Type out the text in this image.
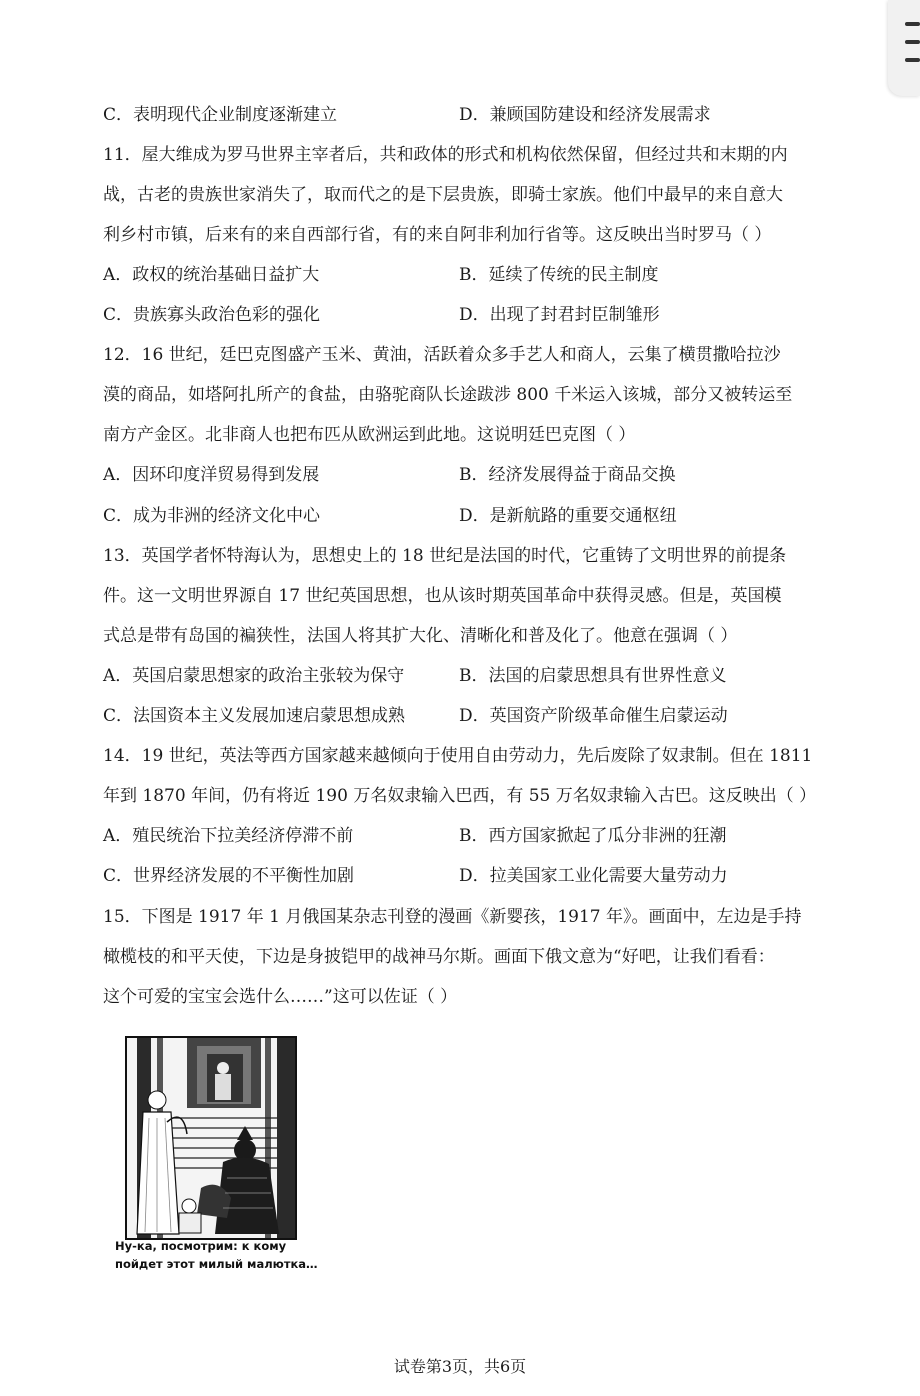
C．表明现代企业制度逐渐建立	D．兼顾国防建设和经济发展需求
11．屋大维成为罗马世界主宰者后，共和政体的形式和机构依然保留，但经过共和末期的内
战，古老的贵族世家消失了，取而代之的是下层贵族，即骑士家族。他们中最早的来自意大
利乡村市镇，后来有的来自西部行省，有的来自阿非利加行省等。这反映出当时罗马（ ）
A．政权的统治基础日益扩大	B．延续了传统的民主制度
C．贵族寡头政治色彩的强化	D．出现了封君封臣制雏形
12．16 世纪，廷巴克图盛产玉米、黄油，活跃着众多手艺人和商人，云集了横贯撒哈拉沙
漠的商品，如塔阿扎所产的食盐，由骆驼商队长途跋涉 800 千米运入该城，部分又被转运至
南方产金区。北非商人也把布匹从欧洲运到此地。这说明廷巴克图（ ）
A．因环印度洋贸易得到发展	B．经济发展得益于商品交换
C．成为非洲的经济文化中心	D．是新航路的重要交通枢纽
13．英国学者怀特海认为，思想史上的 18 世纪是法国的时代，它重铸了文明世界的前提条
件。这一文明世界源自 17 世纪英国思想，也从该时期英国革命中获得灵感。但是，英国模
式总是带有岛国的褊狭性，法国人将其扩大化、清晰化和普及化了。他意在强调（ ）
A．英国启蒙思想家的政治主张较为保守	B．法国的启蒙思想具有世界性意义
C．法国资本主义发展加速启蒙思想成熟	D．英国资产阶级革命催生启蒙运动
14．19 世纪，英法等西方国家越来越倾向于使用自由劳动力，先后废除了奴隶制。但在 1811
年到 1870 年间，仍有将近 190 万名奴隶输入巴西，有 55 万名奴隶输入古巴。这反映出（ ）
A．殖民统治下拉美经济停滞不前	B．西方国家掀起了瓜分非洲的狂潮
C．世界经济发展的不平衡性加剧	D．拉美国家工业化需要大量劳动力
15．下图是 1917 年 1 月俄国某杂志刊登的漫画《新婴孩，1917 年》。画面中，左边是手持
橄榄枝的和平天使，下边是身披铠甲的战神马尔斯。画面下俄文意为“好吧，让我们看看：
这个可爱的宝宝会选什么……”这可以佐证（ ）
Ну-ка, посмотрим: к кому
пойдет этот милый малютка…
试卷第3页，共6页
